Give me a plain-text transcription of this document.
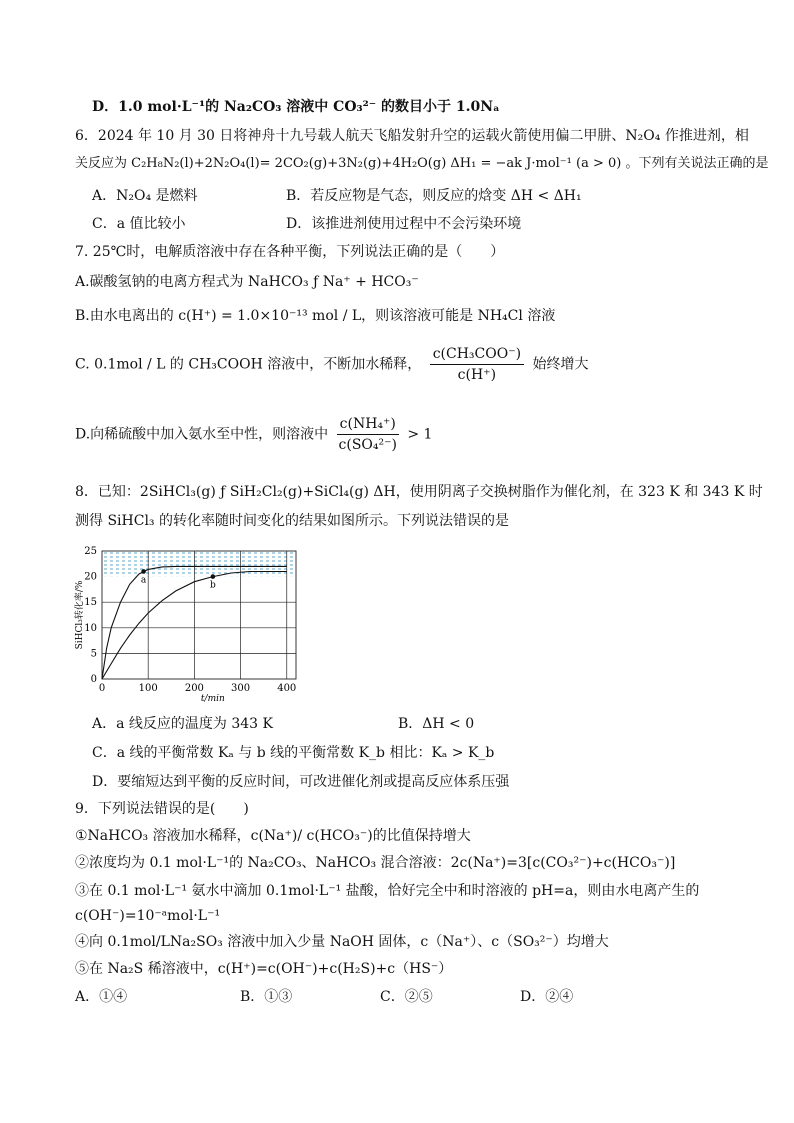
D．1.0 mol·L⁻¹的 Na₂CO₃ 溶液中 CO₃²⁻ 的数目小于 1.0Nₐ
6．2024 年 10 月 30 日将神舟十九号载人航天飞船发射升空的运载火箭使用偏二甲肼、N₂O₄ 作推进剂，相
关反应为 C₂H₈N₂(l)+2N₂O₄(l)= 2CO₂(g)+3N₂(g)+4H₂O(g) ΔH₁ = −ak J·mol⁻¹ (a > 0) 。下列有关说法正确的是
A．N₂O₄ 是燃料	B．若反应物是气态，则反应的焓变 ΔH < ΔH₁
C．a 值比较小	D．该推进剂使用过程中不会污染环境
7. 25℃时，电解质溶液中存在各种平衡，下列说法正确的是（　　）
A.碳酸氢钠的电离方程式为 NaHCO₃ ƒ Na⁺ + HCO₃⁻
B.由水电离出的 c(H⁺) = 1.0×10⁻¹³ mol / L，则该溶液可能是 NH₄Cl 溶液
C. 0.1mol / L 的 CH₃COOH 溶液中，不断加水稀释， $\frac{\text{c(CH₃COO⁻)}}{c(H^+)}$ 始终增大
D.向稀硫酸中加入氨水至中性，则溶液中 $\frac{\text{c(NH₄⁺)}}{\text{c(SO₄²⁻)}} > 1$
8．已知：2SiHCl₃(g) ƒ SiH₂Cl₂(g)+SiCl₄(g) ΔH，使用阴离子交换树脂作为催化剂，在 323 K 和 343 K 时
测得 SiHCl₃ 的转化率随时间变化的结果如图所示。下列说法错误的是
0	100	200	300	400
0
5
10
15
20
25
t/min
SiHCl₃转化率/%
a
b
A．a 线反应的温度为 343 K	B．ΔH < 0
C．a 线的平衡常数 Kₐ 与 b 线的平衡常数 K_b 相比：Kₐ > K_b
D．要缩短达到平衡的反应时间，可改进催化剂或提高反应体系压强
9．下列说法错误的是(　　)
①NaHCO₃ 溶液加水稀释，c(Na⁺)/ c(HCO₃⁻)的比值保持增大
②浓度均为 0.1 mol·L⁻¹的 Na₂CO₃、NaHCO₃ 混合溶液：2c(Na⁺)=3[c(CO₃²⁻)+c(HCO₃⁻)]
③在 0.1 mol·L⁻¹ 氨水中滴加 0.1mol·L⁻¹ 盐酸，恰好完全中和时溶液的 pH=a，则由水电离产生的
c(OH⁻)=10⁻ᵃmol·L⁻¹
④向 0.1mol/LNa₂SO₃ 溶液中加入少量 NaOH 固体，c（Na⁺）、c（SO₃²⁻）均增大
⑤在 Na₂S 稀溶液中，c(H⁺)=c(OH⁻)+c(H₂S)+c（HS⁻）
A．①④	B．①③	C．②⑤	D．②④
